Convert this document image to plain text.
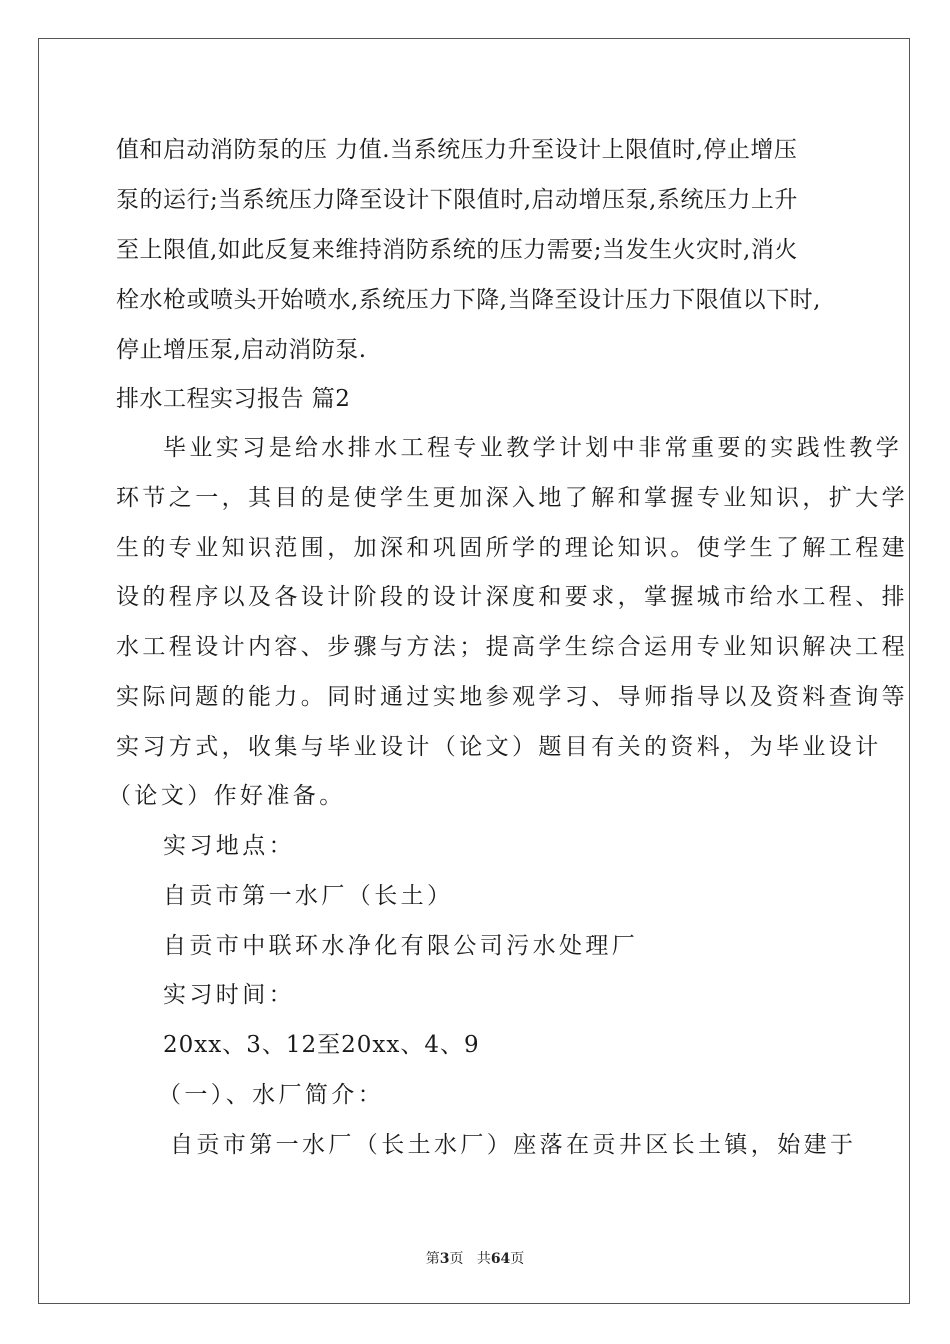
值和启动消防泵的压 力值.当系统压力升至设计上限值时,停止增压
泵的运行;当系统压力降至设计下限值时,启动增压泵,系统压力上升
至上限值,如此反复来维持消防系统的压力需要;当发生火灾时,消火
栓水枪或喷头开始喷水,系统压力下降,当降至设计压力下限值以下时,
停止增压泵,启动消防泵.
排水工程实习报告 篇2
毕业实习是给水排水工程专业教学计划中非常重要的实践性教学
环节之一，其目的是使学生更加深入地了解和掌握专业知识，扩大学
生的专业知识范围，加深和巩固所学的理论知识。使学生了解工程建
设的程序以及各设计阶段的设计深度和要求，掌握城市给水工程、排
水工程设计内容、步骤与方法；提高学生综合运用专业知识解决工程
实际问题的能力。同时通过实地参观学习、导师指导以及资料查询等
实习方式，收集与毕业设计（论文）题目有关的资料，为毕业设计
（论文）作好准备。
实习地点：
自贡市第一水厂（长土）
自贡市中联环水净化有限公司污水处理厂
实习时间：
20xx、3、12至20xx、4、9
（一）、水厂简介：
自贡市第一水厂（长土水厂）座落在贡井区长土镇，始建于
第3页 共64页
